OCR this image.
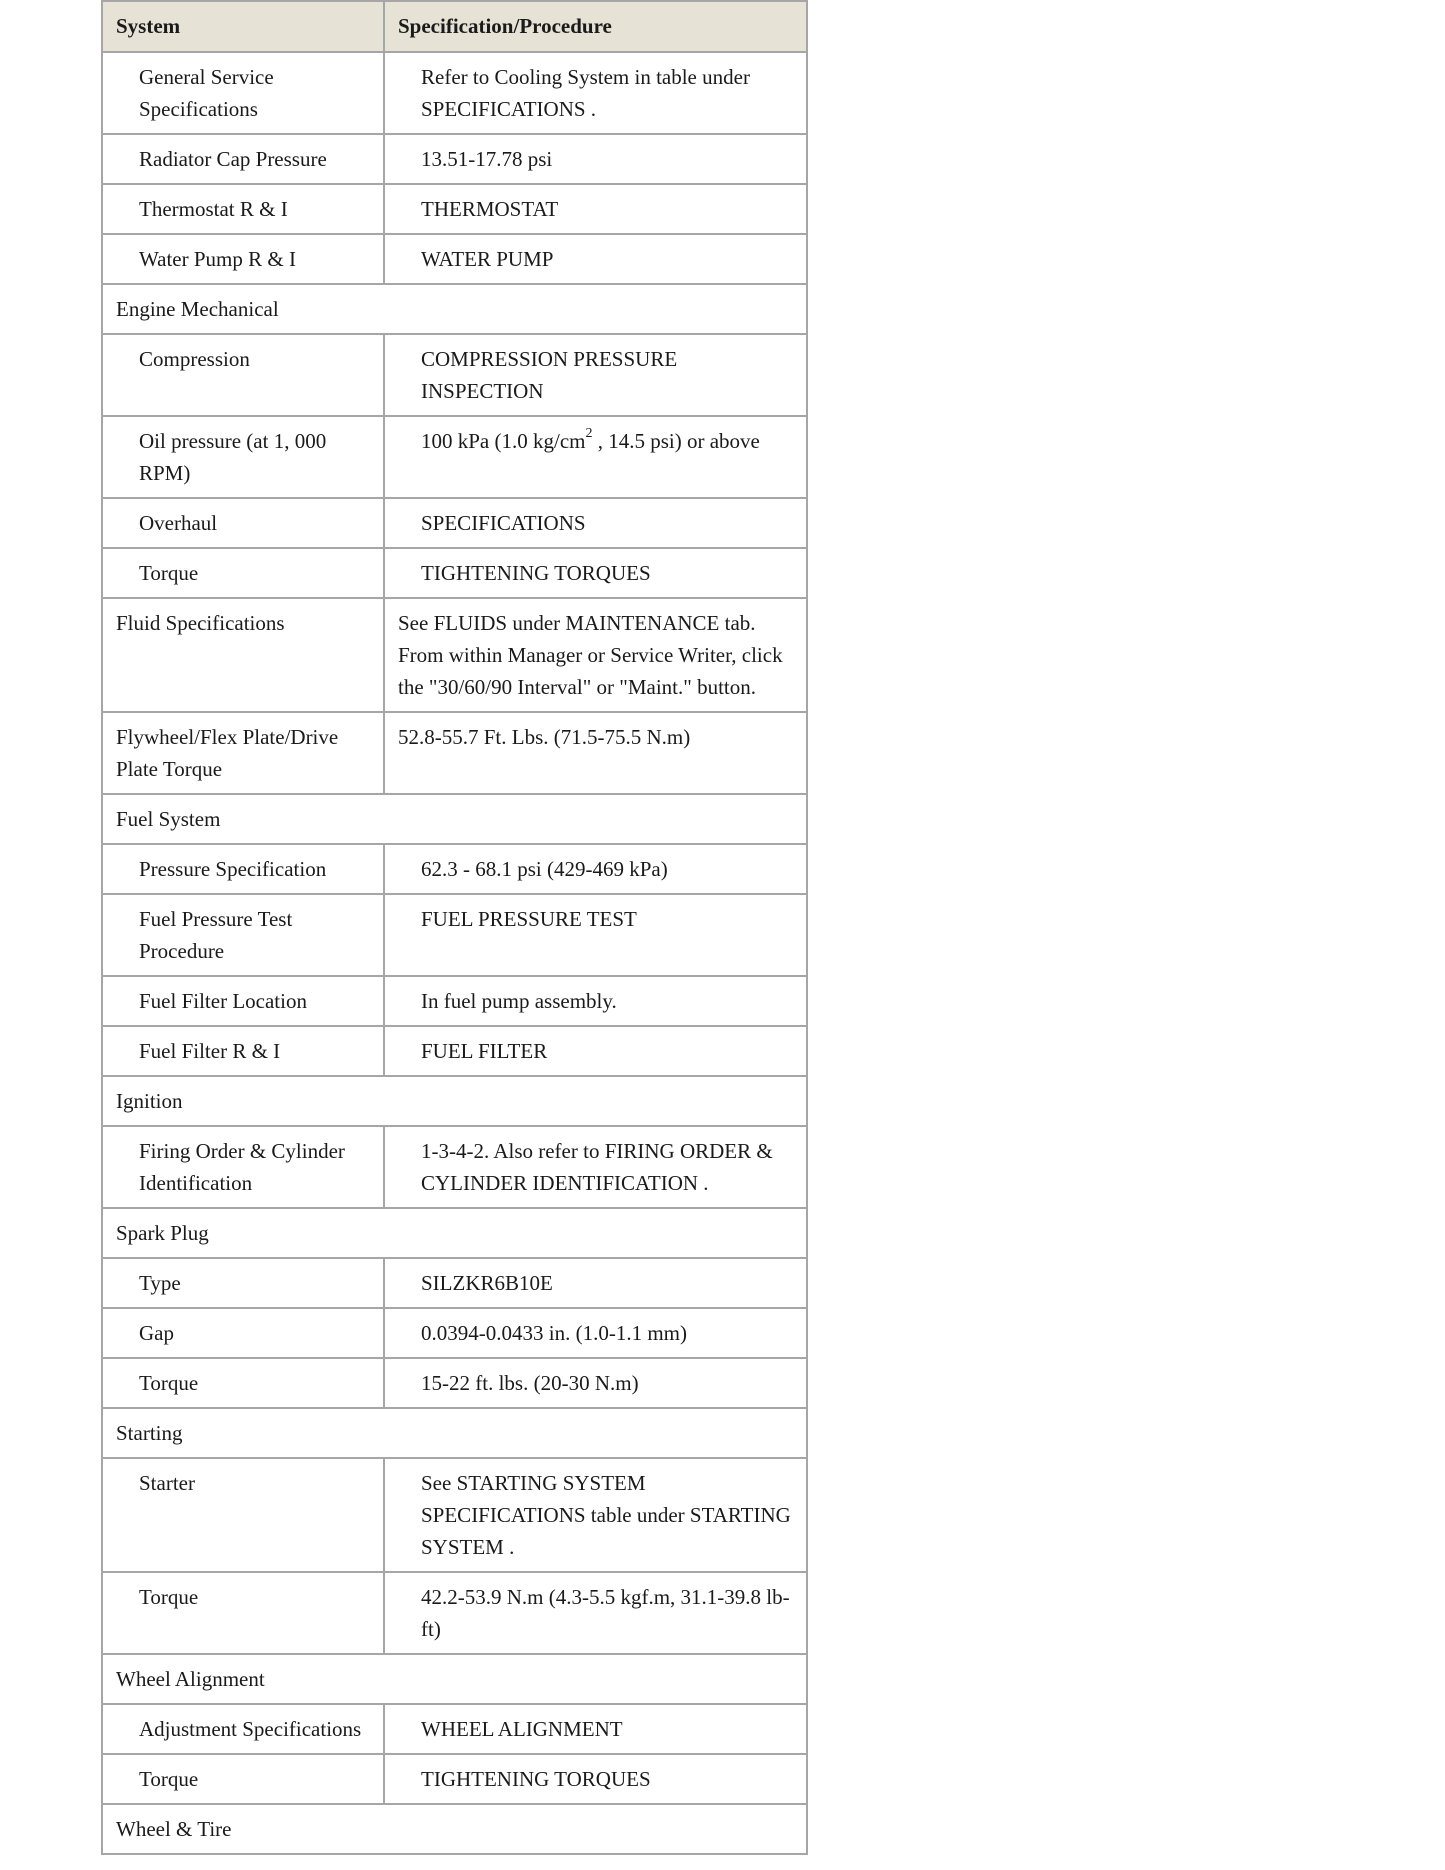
System	Specification/Procedure
General Service Specifications	Refer to Cooling System in table under SPECIFICATIONS .
Radiator Cap Pressure	13.51-17.78 psi
Thermostat R & I	THERMOSTAT
Water Pump R & I	WATER PUMP
Engine Mechanical	
Compression	COMPRESSION PRESSURE INSPECTION
Oil pressure (at 1, 000 RPM)	100 kPa (1.0 $kg/cm^2$ , 14.5 psi) or above
Overhaul	SPECIFICATIONS
Torque	TIGHTENING TORQUES
Fluid Specifications	See FLUIDS under MAINTENANCE tab. From within Manager or Service Writer, click the "30/60/90 Interval" or "Maint." button.
Flywheel/Flex Plate/Drive Plate Torque	52.8-55.7 Ft. Lbs. (71.5-75.5 N.m)
Fuel System	
Pressure Specification	62.3 - 68.1 psi (429-469 kPa)
Fuel Pressure Test Procedure	FUEL PRESSURE TEST
Fuel Filter Location	In fuel pump assembly.
Fuel Filter R & I	FUEL FILTER
Ignition	
Firing Order & Cylinder Identification	1-3-4-2. Also refer to FIRING ORDER & CYLINDER IDENTIFICATION .
Spark Plug	
Type	SILZKR6B10E
Gap	0.0394-0.0433 in. (1.0-1.1 mm)
Torque	15-22 ft. lbs. (20-30 N.m)
Starting	
Starter	See STARTING SYSTEM SPECIFICATIONS table under STARTING SYSTEM .
Torque	42.2-53.9 N.m (4.3-5.5 kgf.m, 31.1-39.8 lb-ft)
Wheel Alignment	
Adjustment Specifications	WHEEL ALIGNMENT
Torque	TIGHTENING TORQUES
Wheel & Tire	
